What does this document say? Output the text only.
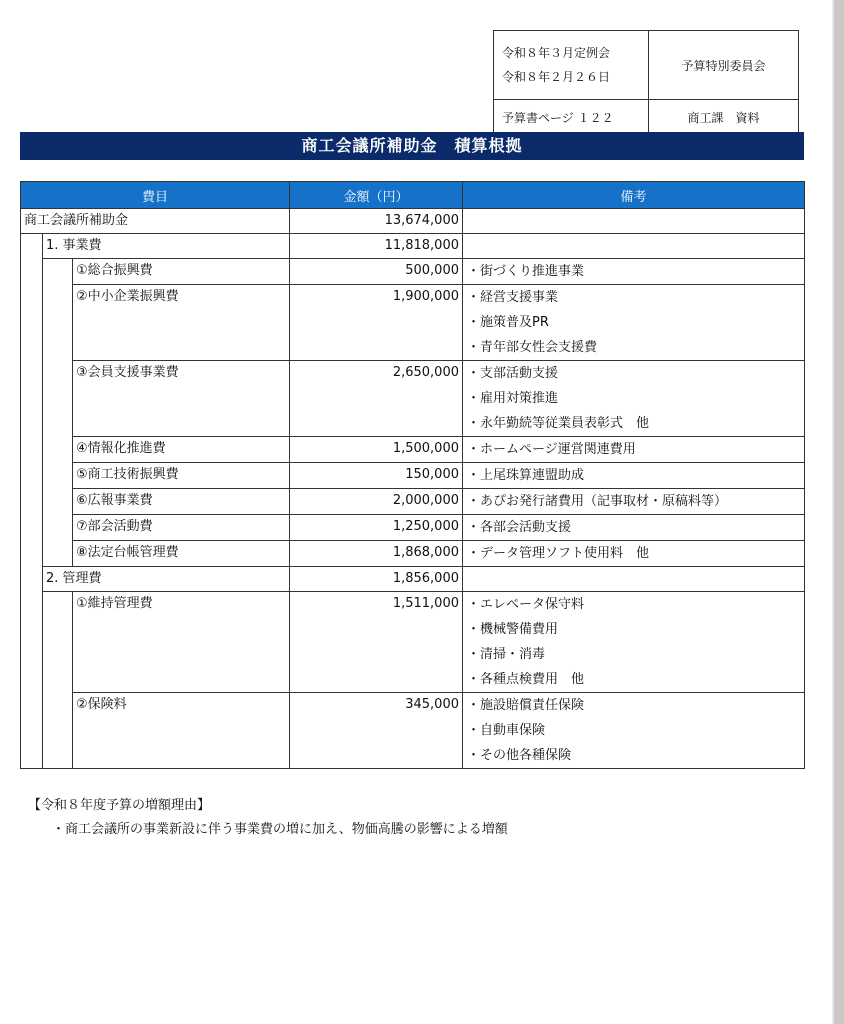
令和８年３月定例会
令和８年２月２６日	予算特別委員会
予算書ページ １２２	商工課　資料
商工会議所補助金　積算根拠
費目			金額（円）	備考
商工会議所補助金			13,674,000	
	1. 事業費		11,818,000	
		①総合振興費	500,000	・街づくり推進事業

		②中小企業振興費	1,900,000	・経営支援事業
・施策普及PR
・青年部女性会支援費

		③会員支援事業費	2,650,000	・支部活動支援
・雇用対策推進
・永年勤続等従業員表彰式　他

		④情報化推進費	1,500,000	・ホームページ運営関連費用

		⑤商工技術振興費	150,000	・上尾珠算連盟助成

		⑥広報事業費	2,000,000	・あぴお発行諸費用（記事取材・原稿料等）

		⑦部会活動費	1,250,000	・各部会活動支援

		⑧法定台帳管理費	1,868,000	・データ管理ソフト使用料　他

	2. 管理費		1,856,000	
		①維持管理費	1,511,000	・エレベータ保守料
・機械警備費用
・清掃・消毒
・各種点検費用　他

		②保険料	345,000	・施設賠償責任保険
・自動車保険
・その他各種保険
【令和８年度予算の増額理由】
・商工会議所の事業新設に伴う事業費の増に加え、物価高騰の影響による増額
